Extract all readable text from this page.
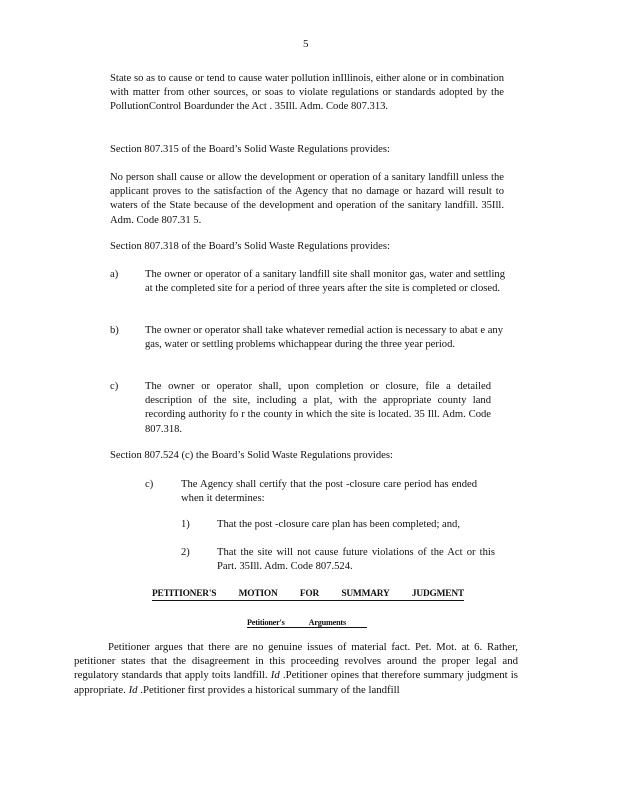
5

State so as to cause or tend to cause water pollution inIllinois, either alone or in combination with matter from other sources, or soas to violate regulations or standards adopted by the PollutionControl Boardunder the Act . 35Ill. Adm. Code 807.313.

Section 807.315 of the Board’s Solid Waste Regulations provides:

No person shall cause or allow the development or operation of a sanitary landfill unless the applicant proves to the satisfaction of the Agency that no damage or hazard will result to waters of the State because of the development and operation of the sanitary landfill. 35Ill. Adm. Code 807.31 5.

Section 807.318 of the Board’s Solid Waste Regulations provides:

a)	The owner or operator of a sanitary landfill site shall monitor gas, water and settling at the completed site for a period of three years after the site is completed or closed.

b) The owner or operator shall take whatever remedial action is necessary to abat e any gas, water or settling problems whichappear during the three year period.

c)	The owner or operator shall, upon completion or closure, file a detailed description of the site, including a plat, with the appropriate county land recording authority fo r the county in which the site is located. 35 Ill. Adm. Code 807.318.

Section 807.524 (c) the Board’s Solid Waste Regulations provides:

c)	The Agency shall certify that the post -closure care period has ended when it determines:

1)	That the post -closure care plan has been completed; and,

2)	That the site will not cause future violations of the Act or this Part. 35Ill. Adm. Code 807.524.

PETITIONER'S MOTION FOR SUMMARY JUDGMENT
Petitioner's	Arguments

Petitioner argues that there are no genuine issues of material fact. Pet. Mot. at 6. Rather, petitioner states that the disagreement in this proceeding revolves around the proper legal and regulatory standards that apply toits landfill. Id .Petitioner opines that therefore summary judgment is appropriate. Id .Petitioner first provides a historical summary of the landfill
